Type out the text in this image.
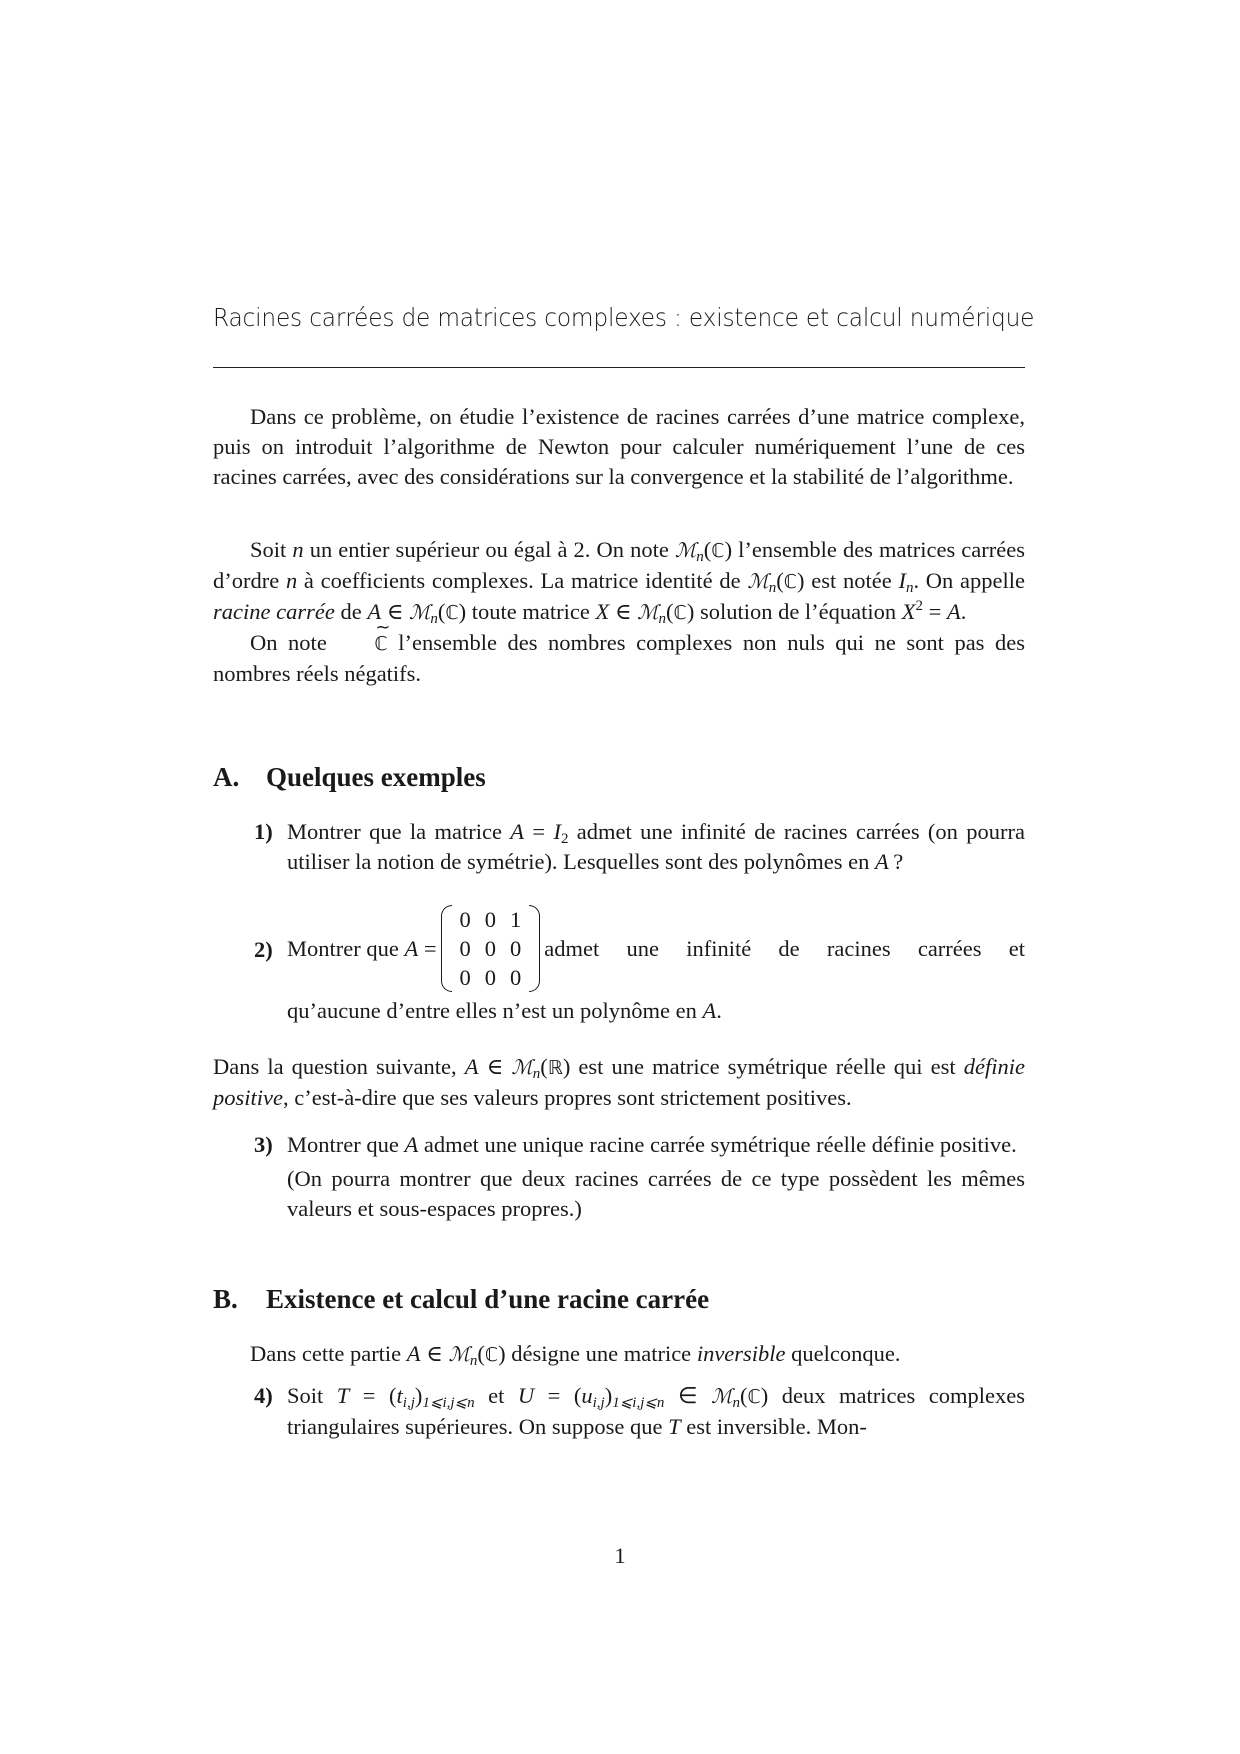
Racines carrées de matrices complexes : existence et calcul numérique

Dans ce problème, on étudie l’existence de racines carrées d’une matrice complexe, puis on introduit l’algorithme de Newton pour calculer numériquement l’une de ces racines carrées, avec des considérations sur la convergence et la stabilité de l’algorithme.

Soit n un entier supérieur ou égal à 2. On note ℳ$_n$(ℂ) l’ensemble des matrices carrées d’ordre n à coefficients complexes. La matrice identité de ℳ$_n$(ℂ) est notée $I_n$. On appelle racine carrée de A ∈ ℳ$_n$(ℂ) toute matrice X ∈ ℳ$_n$(ℂ) solution de l’équation $X^2 = A$.

On note ℂ ~ l’ensemble des nombres complexes non nuls qui ne sont pas des nombres réels négatifs.

A. Quelques exemples
1) Montrer que la matrice $A = I_2$ admet une infinité de racines carrées (on pourra utiliser la notion de symétrie). Lesquelles sont des polynômes en A  ?
2) Montrer que A =
0	0	1
0	0	0
0	0	0
admet une infinité de racines carrées et
qu’aucune d’entre elles n’est un polynôme en A.

Dans la question suivante, A ∈ ℳ$_n$(ℝ) est une matrice symétrique réelle qui est définie positive, c’est-à-dire que ses valeurs propres sont strictement positives.

3) Montrer que A admet une unique racine carrée symétrique réelle définie positive.

(On pourra montrer que deux racines carrées de ce type possèdent les mêmes valeurs et sous-espaces propres.)

B. Existence et calcul d’une racine carrée

Dans cette partie A ∈ ℳ$_n$(ℂ) désigne une matrice inversible quelconque.

4) Soit $T = (t_{i,j})_{1⩽i,j⩽n}$ et $U = (u_{i,j})_{1⩽i,j⩽n}$ ∈ ℳ$_n$(ℂ) deux matrices complexes triangulaires supérieures. On suppose que T est inversible. Mon-
1
